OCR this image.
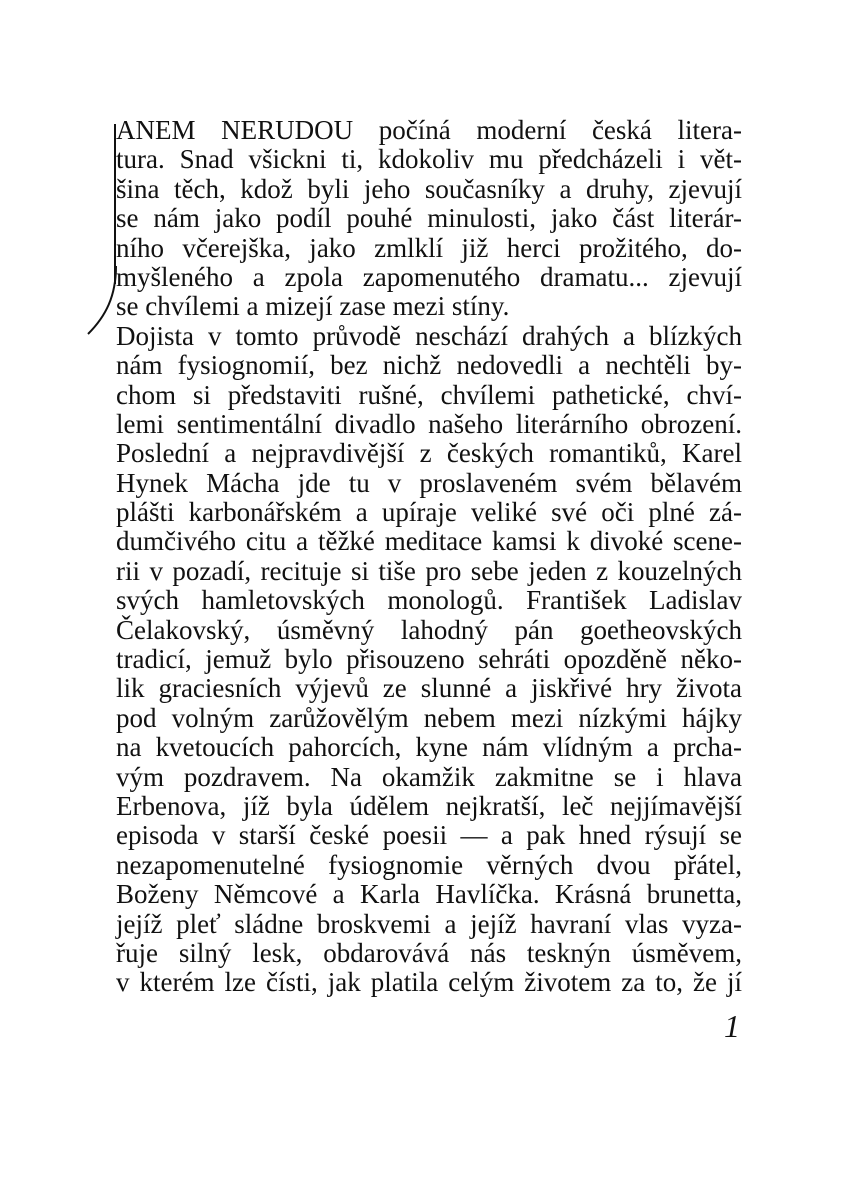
ANEM NERUDOU počíná moderní česká litera-
tura. Snad všickni ti, kdokoliv mu předcházeli i vět-
šina těch, kdož byli jeho současníky a druhy, zjevují
se nám jako podíl pouhé minulosti, jako část literár-
ního včerejška, jako zmlklí již herci prožitého, do-
myšleného a zpola zapomenutého dramatu... zjevují
se chvílemi a mizejí zase mezi stíny.
Dojista v tomto průvodě neschází drahých a blízkých
nám fysiognomií, bez nichž nedovedli a nechtěli by-
chom si představiti rušné, chvílemi pathetické, chví-
lemi sentimentální divadlo našeho literárního obrození.
Poslední a nejpravdivější z českých romantiků, Karel
Hynek Mácha jde tu v proslaveném svém bělavém
plášti karbonářském a upíraje veliké své oči plné zá-
dumčivého citu a těžké meditace kamsi k divoké scene-
rii v pozadí, recituje si tiše pro sebe jeden z kouzelných
svých hamletovských monologů. František Ladislav
Čelakovský, úsměvný lahodný pán goetheovských
tradicí, jemuž bylo přisouzeno sehráti opozděně něko-
lik graciesních výjevů ze slunné a jiskřivé hry života
pod volným zarůžovělým nebem mezi nízkými hájky
na kvetoucích pahorcích, kyne nám vlídným a prcha-
vým pozdravem. Na okamžik zakmitne se i hlava
Erbenova, jíž byla údělem nejkratší, leč nejjímavější
episoda v starší české poesii — a pak hned rýsují se
nezapomenutelné fysiognomie věrných dvou přátel,
Boženy Němcové a Karla Havlíčka. Krásná brunetta,
jejíž pleť sládne broskvemi a jejíž havraní vlas vyza-
řuje silný lesk, obdarovává nás tesknýn úsměvem,
v kterém lze čísti, jak platila celým životem za to, že jí
1
